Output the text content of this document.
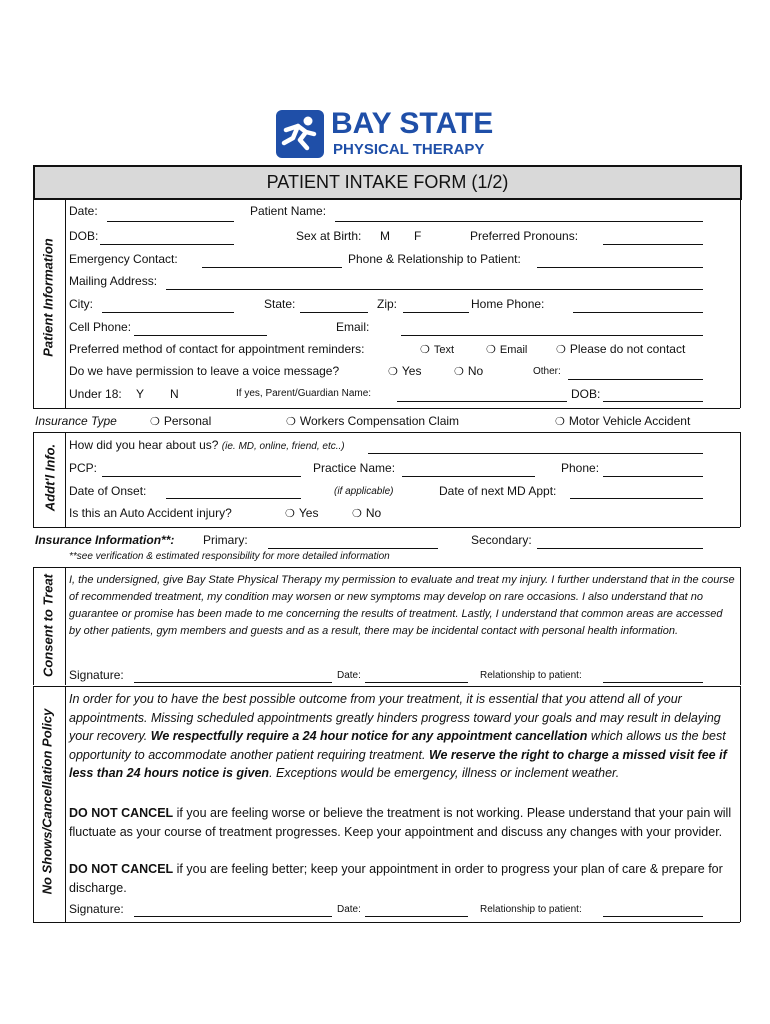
BAY STATE
PHYSICAL THERAPY
PATIENT INTAKE FORM (1/2)
Patient Information
Addt'l Info.
Consent to Treat
No Shows/Cancellation Policy
Date:	Patient Name:
DOB:	Sex at Birth: M F	Preferred Pronouns:
Emergency Contact:	Phone & Relationship to Patient:
Mailing Address:
City:	State:	Zip:	Home Phone:
Cell Phone:	Email:
Preferred method of contact for appointment reminders:	❍ Text	❍ Email	❍ Please do not contact
Do we have permission to leave a voice message?	❍ Yes	❍ No	Other:
Under 18: Y N	If yes, Parent/Guardian Name:	DOB:
Insurance Type	❍ Personal	❍ Workers Compensation Claim	❍ Motor Vehicle Accident
How did you hear about us? (ie. MD, online, friend, etc..)
PCP:	Practice Name:	Phone:
Date of Onset:	(if applicable)	Date of next MD Appt:
Is this an Auto Accident injury?	❍ Yes	❍ No
Insurance Information**: Primary:	Secondary:
**see verification & estimated responsibility for more detailed information
I, the undersigned, give Bay State Physical Therapy my permission to evaluate and treat my injury. I further understand that in the course of recommended treatment, my condition may worsen or new symptoms may develop on rare occasions. I also understand that no guarantee or promise has been made to me concerning the results of treatment. Lastly, I understand that common areas are accessed by other patients, gym members and guests and as a result, there may be incidental contact with personal health information.
Signature:	Date:	Relationship to patient:
In order for you to have the best possible outcome from your treatment, it is essential that you attend all of your appointments. Missing scheduled appointments greatly hinders progress toward your goals and may result in delaying your recovery. We respectfully require a 24 hour notice for any appointment cancellation which allows us the best opportunity to accommodate another patient requiring treatment. We reserve the right to charge a missed visit fee if less than 24 hours notice is given. Exceptions would be emergency, illness or inclement weather.
DO NOT CANCEL if you are feeling worse or believe the treatment is not working. Please understand that your pain will fluctuate as your course of treatment progresses. Keep your appointment and discuss any changes with your provider.
DO NOT CANCEL if you are feeling better; keep your appointment in order to progress your plan of care & prepare for discharge.
Signature:	Date:	Relationship to patient:
